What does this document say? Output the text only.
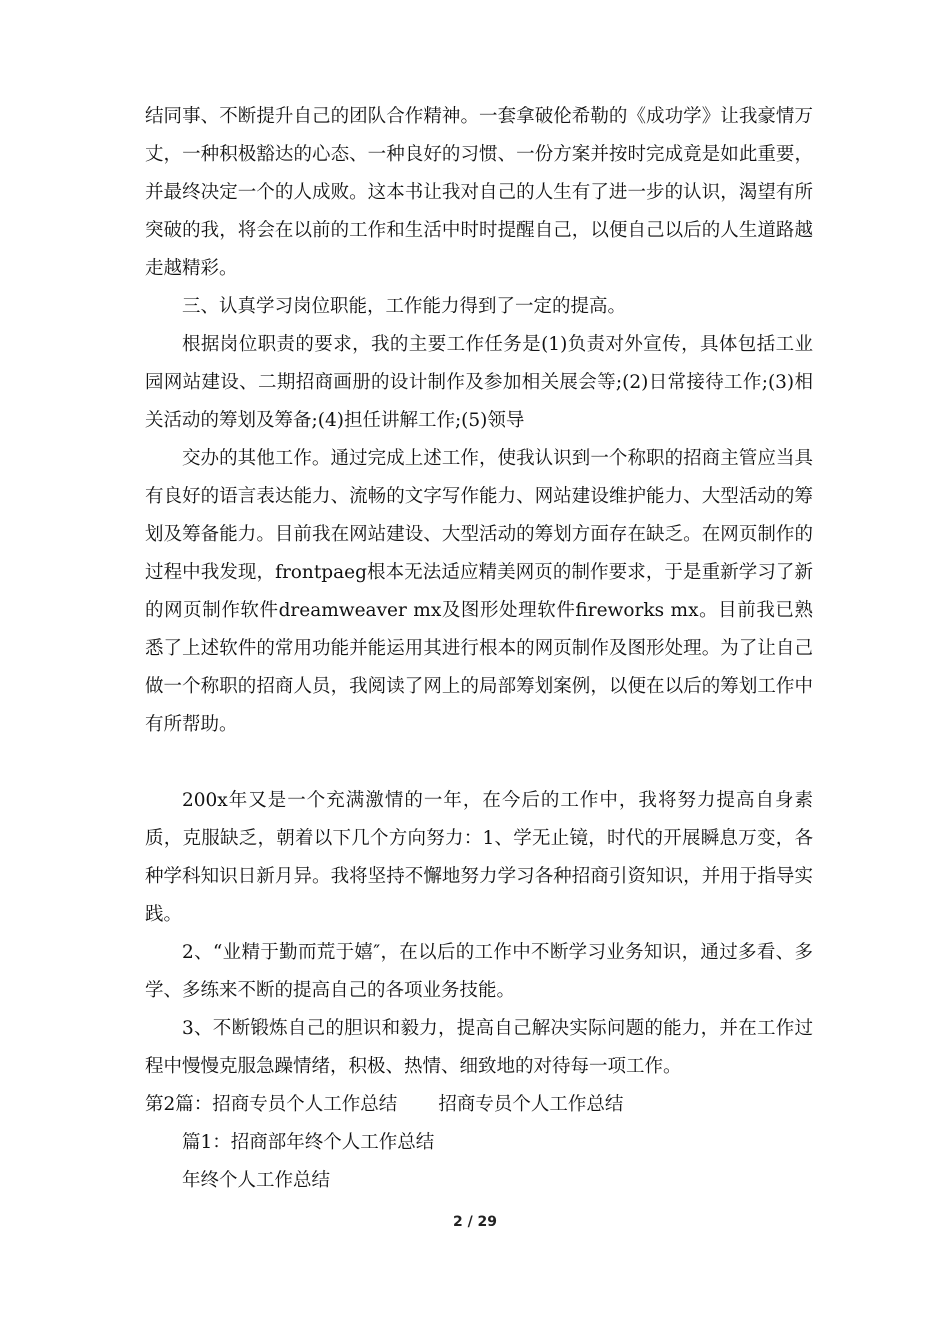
结同事、不断提升自己的团队合作精神。一套拿破伦希勒的《成功学》让我豪情万丈，一种积极豁达的心态、一种良好的习惯、一份方案并按时完成竟是如此重要，并最终决定一个的人成败。这本书让我对自己的人生有了进一步的认识，渴望有所突破的我，将会在以前的工作和生活中时时提醒自己，以便自己以后的人生道路越走越精彩。

三、认真学习岗位职能，工作能力得到了一定的提高。

根据岗位职责的要求，我的主要工作任务是(1)负责对外宣传，具体包括工业园网站建设、二期招商画册的设计制作及参加相关展会等;(2)日常接待工作;(3)相关活动的筹划及筹备;(4)担任讲解工作;(5)领导

交办的其他工作。通过完成上述工作，使我认识到一个称职的招商主管应当具有良好的语言表达能力、流畅的文字写作能力、网站建设维护能力、大型活动的筹划及筹备能力。目前我在网站建设、大型活动的筹划方面存在缺乏。在网页制作的过程中我发现，frontpaeg根本无法适应精美网页的制作要求，于是重新学习了新的网页制作软件dreamweaver mx及图形处理软件fireworks mx。目前我已熟悉了上述软件的常用功能并能运用其进行根本的网页制作及图形处理。为了让自己做一个称职的招商人员，我阅读了网上的局部筹划案例，以便在以后的筹划工作中有所帮助。

200x年又是一个充满激情的一年，在今后的工作中，我将努力提高自身素质，克服缺乏，朝着以下几个方向努力：1、学无止镜，时代的开展瞬息万变，各种学科知识日新月异。我将坚持不懈地努力学习各种招商引资知识，并用于指导实践。

2、“业精于勤而荒于嬉″，在以后的工作中不断学习业务知识，通过多看、多学、多练来不断的提高自己的各项业务技能。

3、不断锻炼自己的胆识和毅力，提高自己解决实际问题的能力，并在工作过程中慢慢克服急躁情绪，积极、热情、细致地的对待每一项工作。

第2篇：招商专员个人工作总结       招商专员个人工作总结

篇1：招商部年终个人工作总结

年终个人工作总结

2 / 29
